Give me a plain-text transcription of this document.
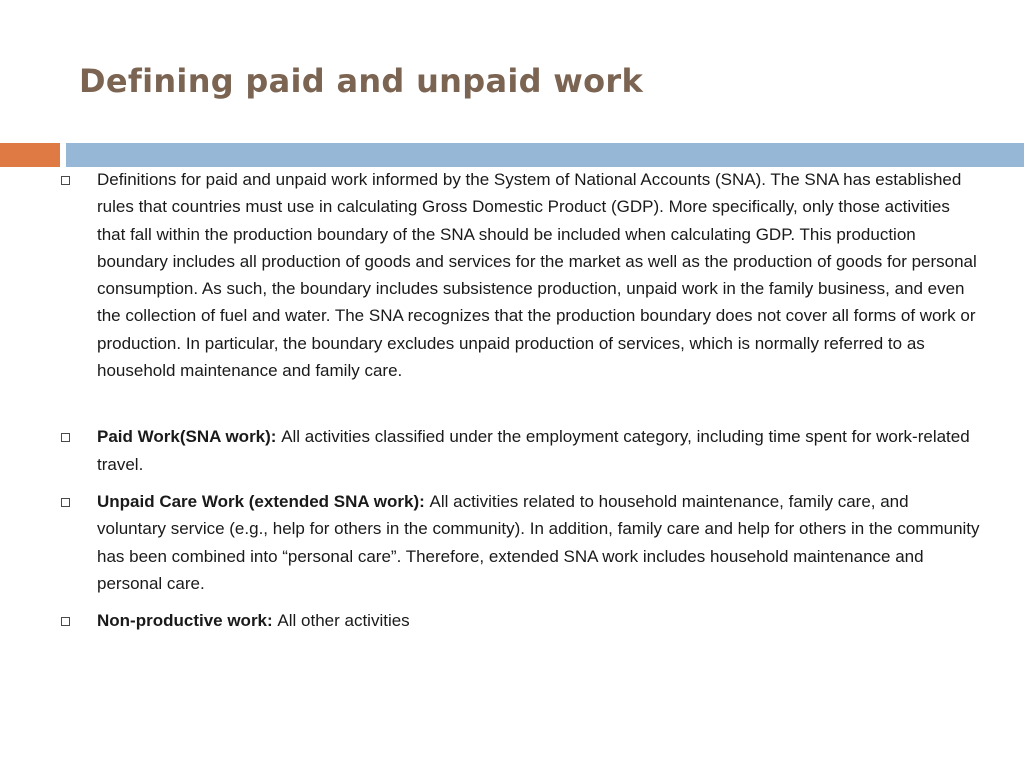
Defining paid and unpaid work
Definitions for paid and unpaid work informed by the System of National Accounts (SNA). The SNA has established rules that countries must use in calculating Gross Domestic Product (GDP). More specifically, only those activities that fall within the production boundary of the SNA should be included when calculating GDP. This production boundary includes all production of goods and services for the market as well as the production of goods for personal consumption. As such, the boundary includes subsistence production, unpaid work in the family business, and even the collection of fuel and water. The SNA recognizes that the production boundary does not cover all forms of work or production. In particular, the boundary excludes unpaid production of services, which is normally referred to as household maintenance and family care.
Paid Work(SNA work): All activities classified under the employment category, including time spent for work-related travel.
Unpaid Care Work (extended SNA work): All activities related to household maintenance, family care, and voluntary service (e.g., help for others in the community). In addition, family care and help for others in the community has been combined into “personal care”. Therefore, extended SNA work includes household maintenance and personal care.
Non-productive work: All other activities
